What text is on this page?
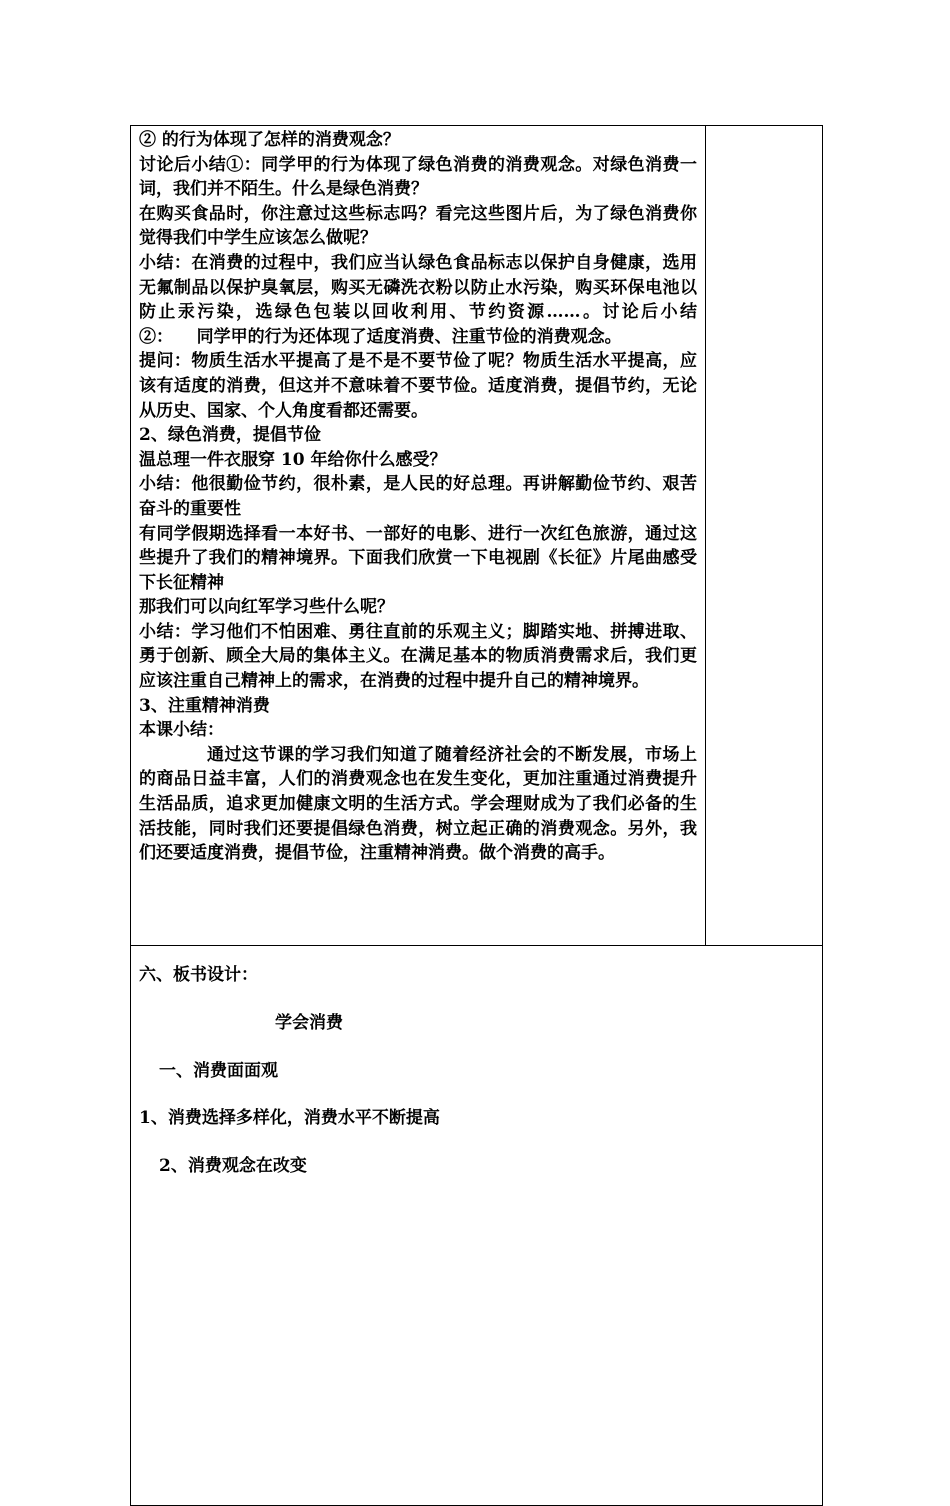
② 的行为体现了怎样的消费观念？

讨论后小结①：同学甲的行为体现了绿色消费的消费观念。对绿色消费一词，我们并不陌生。什么是绿色消费？

在购买食品时，你注意过这些标志吗？看完这些图片后，为了绿色消费你觉得我们中学生应该怎么做呢？

小结：在消费的过程中，我们应当认绿色食品标志以保护自身健康，选用无氟制品以保护臭氧层，购买无磷洗衣粉以防止水污染，购买环保电池以防止汞污染，选绿色包装以回收利用、节约资源……。讨论后小结②：    同学甲的行为还体现了适度消费、注重节俭的消费观念。

提问：物质生活水平提高了是不是不要节俭了呢？物质生活水平提高，应该有适度的消费，但这并不意味着不要节俭。适度消费，提倡节约，无论从历史、国家、个人角度看都还需要。

2、绿色消费，提倡节俭

温总理一件衣服穿 10 年给你什么感受？

小结：他很勤俭节约，很朴素，是人民的好总理。再讲解勤俭节约、艰苦奋斗的重要性

有同学假期选择看一本好书、一部好的电影、进行一次红色旅游，通过这些提升了我们的精神境界。下面我们欣赏一下电视剧《长征》片尾曲感受下长征精神

那我们可以向红军学习些什么呢？

小结：学习他们不怕困难、勇往直前的乐观主义；脚踏实地、拼搏进取、勇于创新、顾全大局的集体主义。在满足基本的物质消费需求后，我们更应该注重自己精神上的需求，在消费的过程中提升自己的精神境界。

3、注重精神消费

本课小结：

通过这节课的学习我们知道了随着经济社会的不断发展，市场上的商品日益丰富，人们的消费观念也在发生变化，更加注重通过消费提升生活品质，追求更加健康文明的生活方式。学会理财成为了我们必备的生活技能，同时我们还要提倡绿色消费，树立起正确的消费观念。另外，我们还要适度消费，提倡节俭，注重精神消费。做个消费的高手。

六、板书设计：
学会消费
一、消费面面观
1、消费选择多样化，消费水平不断提高
2、消费观念在改变
